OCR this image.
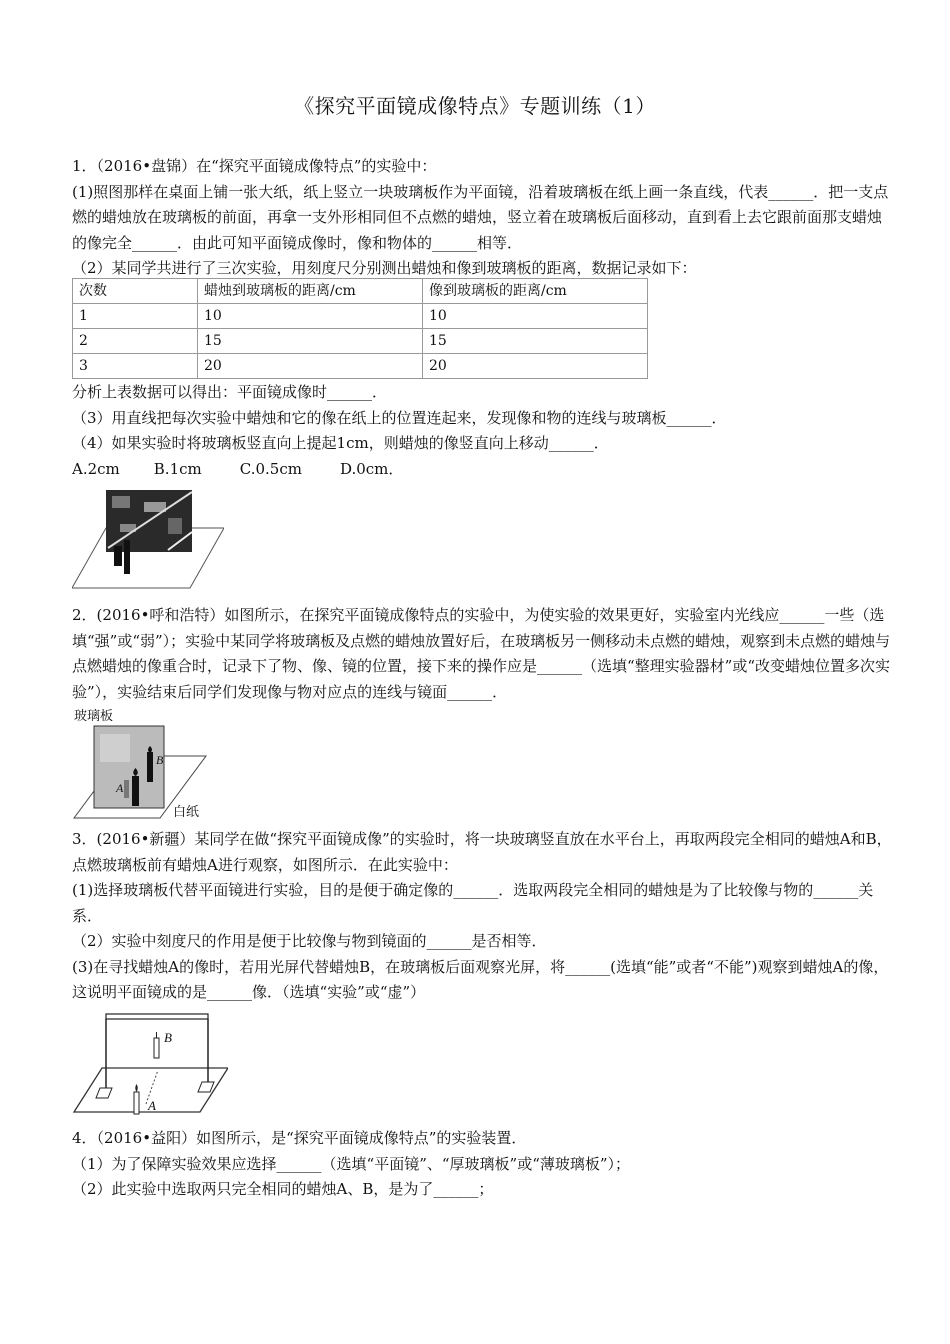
《探究平面镜成像特点》专题训练（1）
1．（2016•盘锦）在“探究平面镜成像特点”的实验中：
(1)照图那样在桌面上铺一张大纸，纸上竖立一块玻璃板作为平面镜，沿着玻璃板在纸上画一条直线，代表______．把一支点燃的蜡烛放在玻璃板的前面，再拿一支外形相同但不点燃的蜡烛，竖立着在玻璃板后面移动，直到看上去它跟前面那支蜡烛的像完全______．由此可知平面镜成像时，像和物体的______相等．
（2）某同学共进行了三次实验，用刻度尺分别测出蜡烛和像到玻璃板的距离，数据记录如下：
次数	蜡烛到玻璃板的距离/cm	像到玻璃板的距离/cm
1	10	10
2	15	15
3	20	20
分析上表数据可以得出：平面镜成像时______．
（3）用直线把每次实验中蜡烛和它的像在纸上的位置连起来，发现像和物的连线与玻璃板______．
（4）如果实验时将玻璃板竖直向上提起1cm，则蜡烛的像竖直向上移动______．
A.2cm B.1cm	C.0.5cm	D.0cm．
2．(2016•呼和浩特）如图所示，在探究平面镜成像特点的实验中，为使实验的效果更好，实验室内光线应______一些（选填“强”或“弱”）；实验中某同学将玻璃板及点燃的蜡烛放置好后，在玻璃板另一侧移动未点燃的蜡烛，观察到未点燃的蜡烛与点燃蜡烛的像重合时，记录下了物、像、镜的位置，接下来的操作应是______（选填“整理实验器材”或“改变蜡烛位置多次实验”），实验结束后同学们发现像与物对应点的连线与镜面______．
玻璃板
白纸
B
A
3．(2016•新疆）某同学在做“探究平面镜成像”的实验时，将一块玻璃竖直放在水平台上，再取两段完全相同的蜡烛A和B，点燃玻璃板前有蜡烛A进行观察，如图所示．在此实验中：
(1)选择玻璃板代替平面镜进行实验，目的是便于确定像的______．选取两段完全相同的蜡烛是为了比较像与物的______关系．
（2）实验中刻度尺的作用是便于比较像与物到镜面的______是否相等．
(3)在寻找蜡烛A的像时，若用光屏代替蜡烛B，在玻璃板后面观察光屏，将______(选填“能”或者“不能”)观察到蜡烛A的像，这说明平面镜成的是______像．（选填“实验”或“虚”）
B
A
4．（2016•益阳）如图所示，是“探究平面镜成像特点”的实验装置．
（1）为了保障实验效果应选择______（选填“平面镜”、“厚玻璃板”或“薄玻璃板”）；
（2）此实验中选取两只完全相同的蜡烛A、B，是为了______；
